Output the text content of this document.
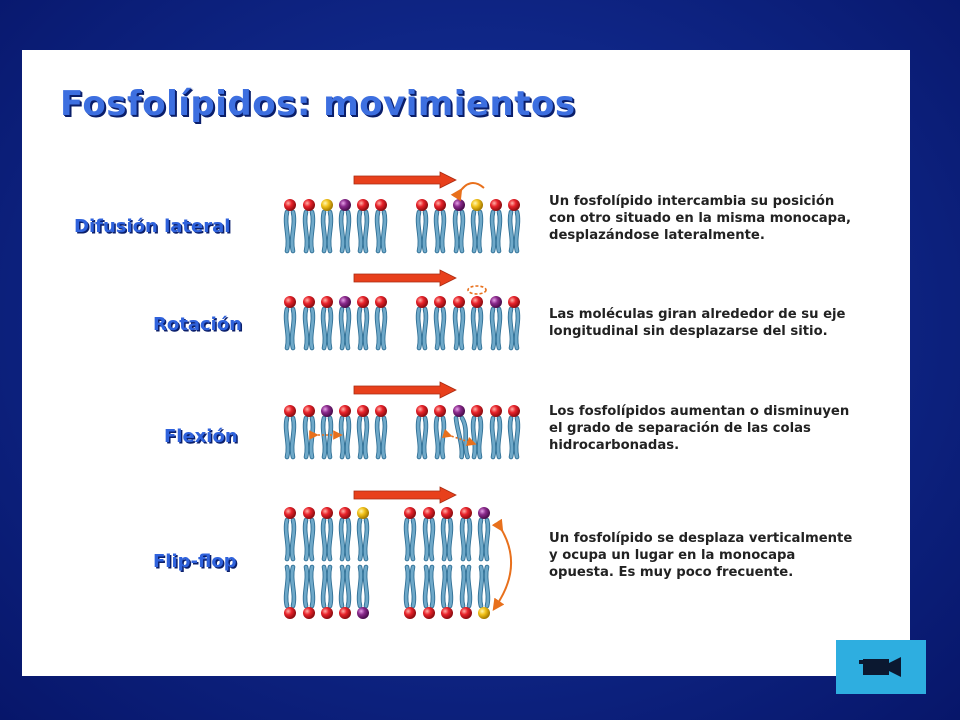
Fosfolípidos: movimientos
Difusión lateral
Rotación
Flexión
Flip-flop
Un fosfolípido intercambia su posición
con otro situado en la misma monocapa,
desplazándose lateralmente.
Las moléculas giran alrededor de su eje
longitudinal sin desplazarse del sitio.
Los fosfolípidos aumentan o disminuyen
el grado de separación de las colas
hidrocarbonadas.
Un fosfolípido se desplaza verticalmente
y ocupa un lugar en la monocapa
opuesta. Es muy poco frecuente.
